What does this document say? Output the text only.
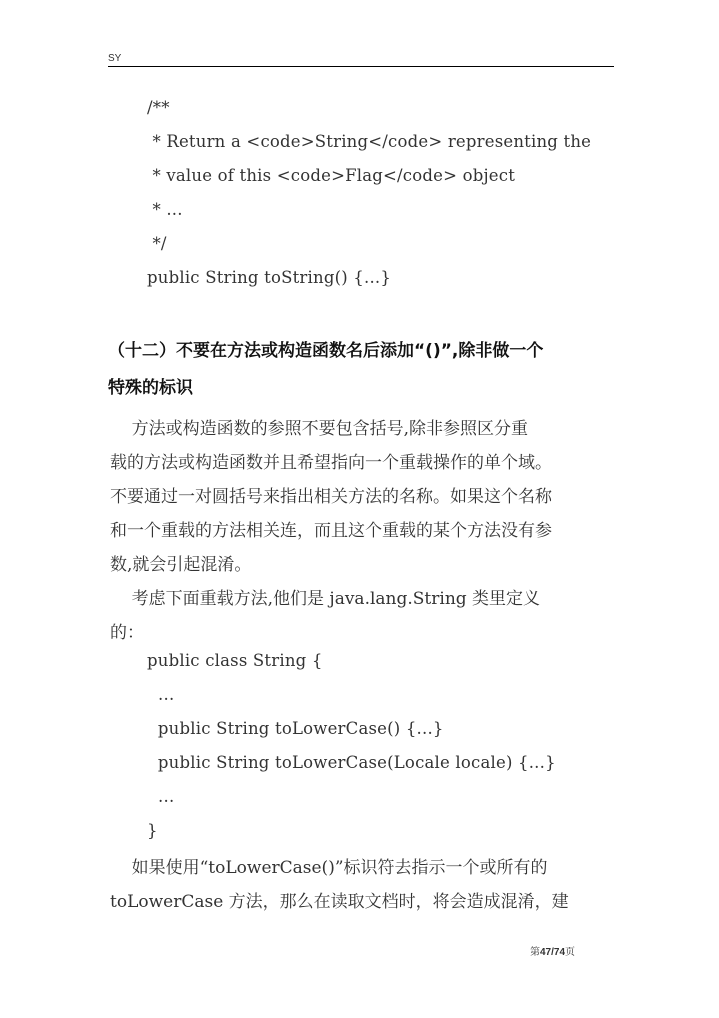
SY
/**
* Return a <code>String</code> representing the
* value of this <code>Flag</code> object
* ...
*/
public String toString() {...}
（十二）不要在方法或构造函数名后添加“()”,除非做一个
特殊的标识
方法或构造函数的参照不要包含括号,除非参照区分重
载的方法或构造函数并且希望指向一个重载操作的单个域。
不要通过一对圆括号来指出相关方法的名称。如果这个名称
和一个重载的方法相关连，而且这个重载的某个方法没有参
数,就会引起混淆。
考虑下面重载方法,他们是 java.lang.String 类里定义
的：
public class String {
…
public String toLowerCase() {...}
public String toLowerCase(Locale locale) {...}
…
}
如果使用“toLowerCase()”标识符去指示一个或所有的
toLowerCase 方法，那么在读取文档时，将会造成混淆，建
第47/74页
